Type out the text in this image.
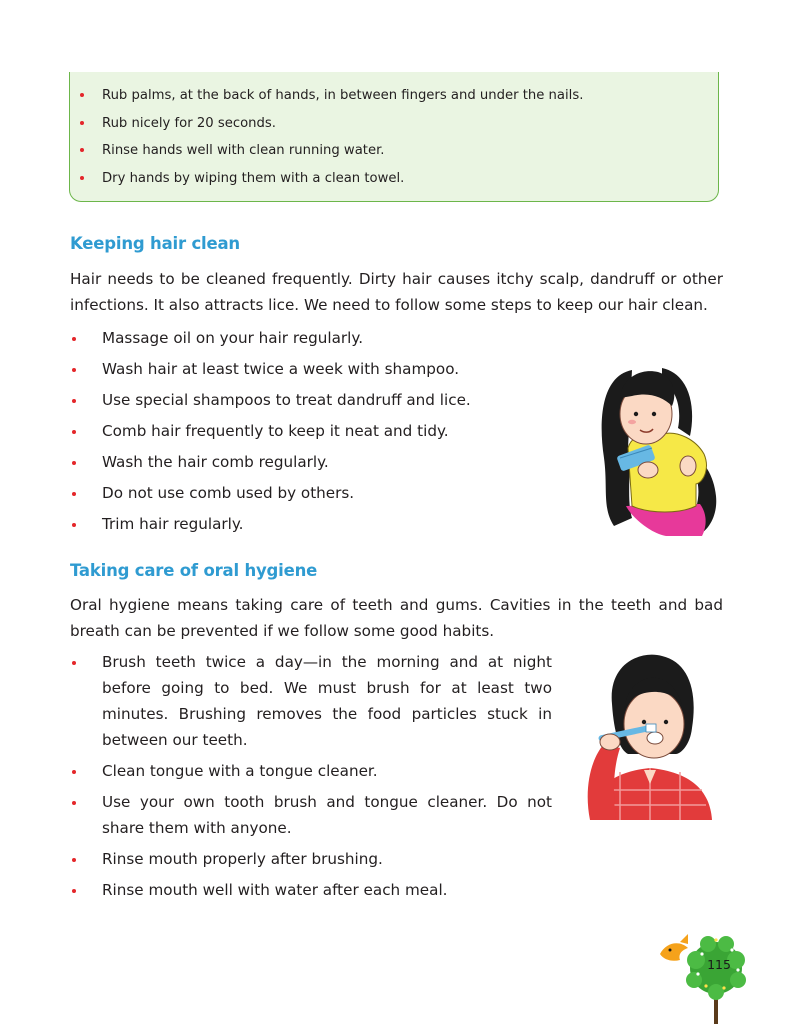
Rub palms, at the back of hands, in between fingers and under the nails.
Rub nicely for 20 seconds.
Rinse hands well with clean running water.
Dry hands by wiping them with a clean towel.
Keeping hair clean

Hair needs to be cleaned frequently. Dirty hair causes itchy scalp, dandruff or other infections. It also attracts lice. We need to follow some steps to keep our hair clean.

Massage oil on your hair regularly.
Wash hair at least twice a week with shampoo.
Use special shampoos to treat dandruff and lice.
Comb hair frequently to keep it neat and tidy.
Wash the hair comb regularly.
Do not use comb used by others.
Trim hair regularly.
Taking care of oral hygiene

Oral hygiene means taking care of teeth and gums. Cavities in the teeth and bad breath can be prevented if we follow some good habits.

Brush teeth twice a day—in the morning and at night before going to bed. We must brush for at least two minutes. Brushing removes the food particles stuck in between our teeth.
Clean tongue with a tongue cleaner.
Use your own tooth brush and tongue cleaner. Do not share them with anyone.
Rinse mouth properly after brushing.
Rinse mouth well with water after each meal.
115
